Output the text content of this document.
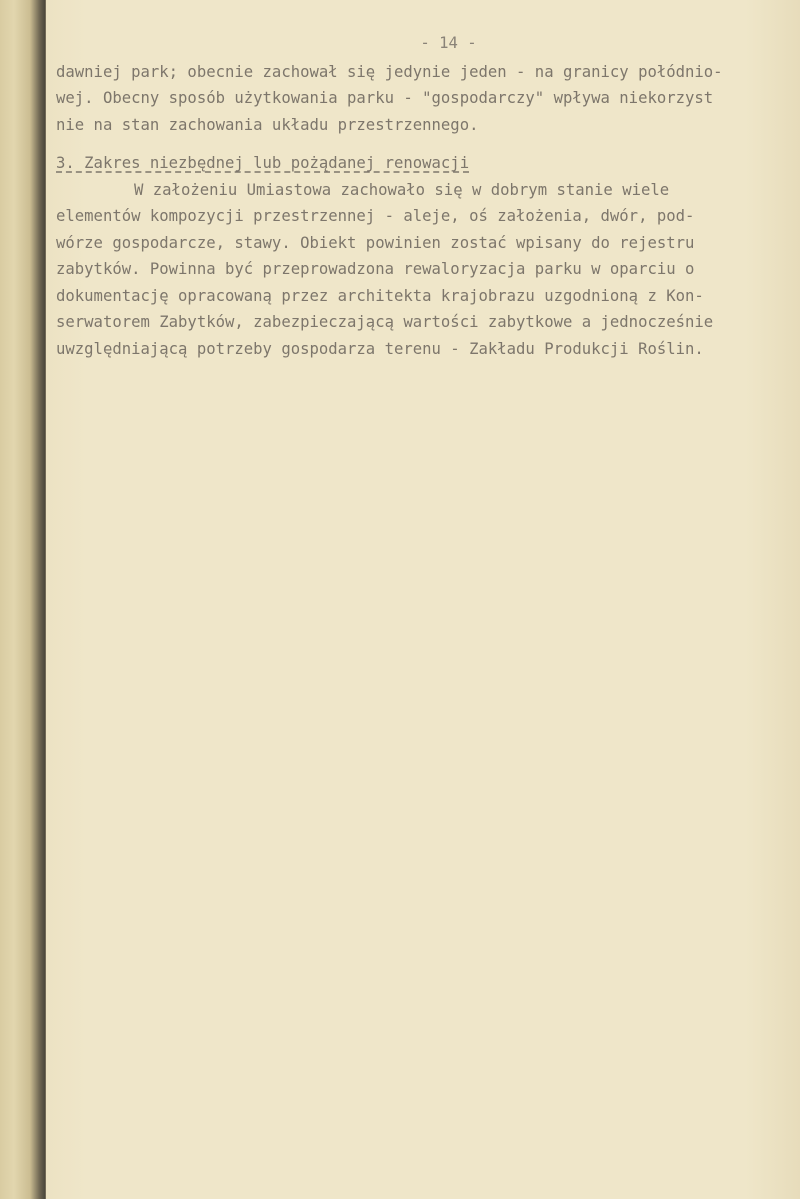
- 14 -
dawniej park; obecnie zachował się jedynie jeden - na granicy połódnio-
wej. Obecny sposób użytkowania parku - "gospodarczy" wpływa niekorzyst
nie na stan zachowania układu przestrzennego.
3. Zakres niezbędnej lub pożądanej renowacji
W założeniu Umiastowa zachowało się w dobrym stanie wiele
elementów kompozycji przestrzennej - aleje, oś założenia, dwór, pod-
wórze gospodarcze, stawy. Obiekt powinien zostać wpisany do rejestru
zabytków. Powinna być przeprowadzona rewaloryzacja parku w oparciu o
dokumentację opracowaną przez architekta krajobrazu uzgodnioną z Kon-
serwatorem Zabytków, zabezpieczającą wartości zabytkowe a jednocześnie
uwzględniającą potrzeby gospodarza terenu - Zakładu Produkcji Roślin.
